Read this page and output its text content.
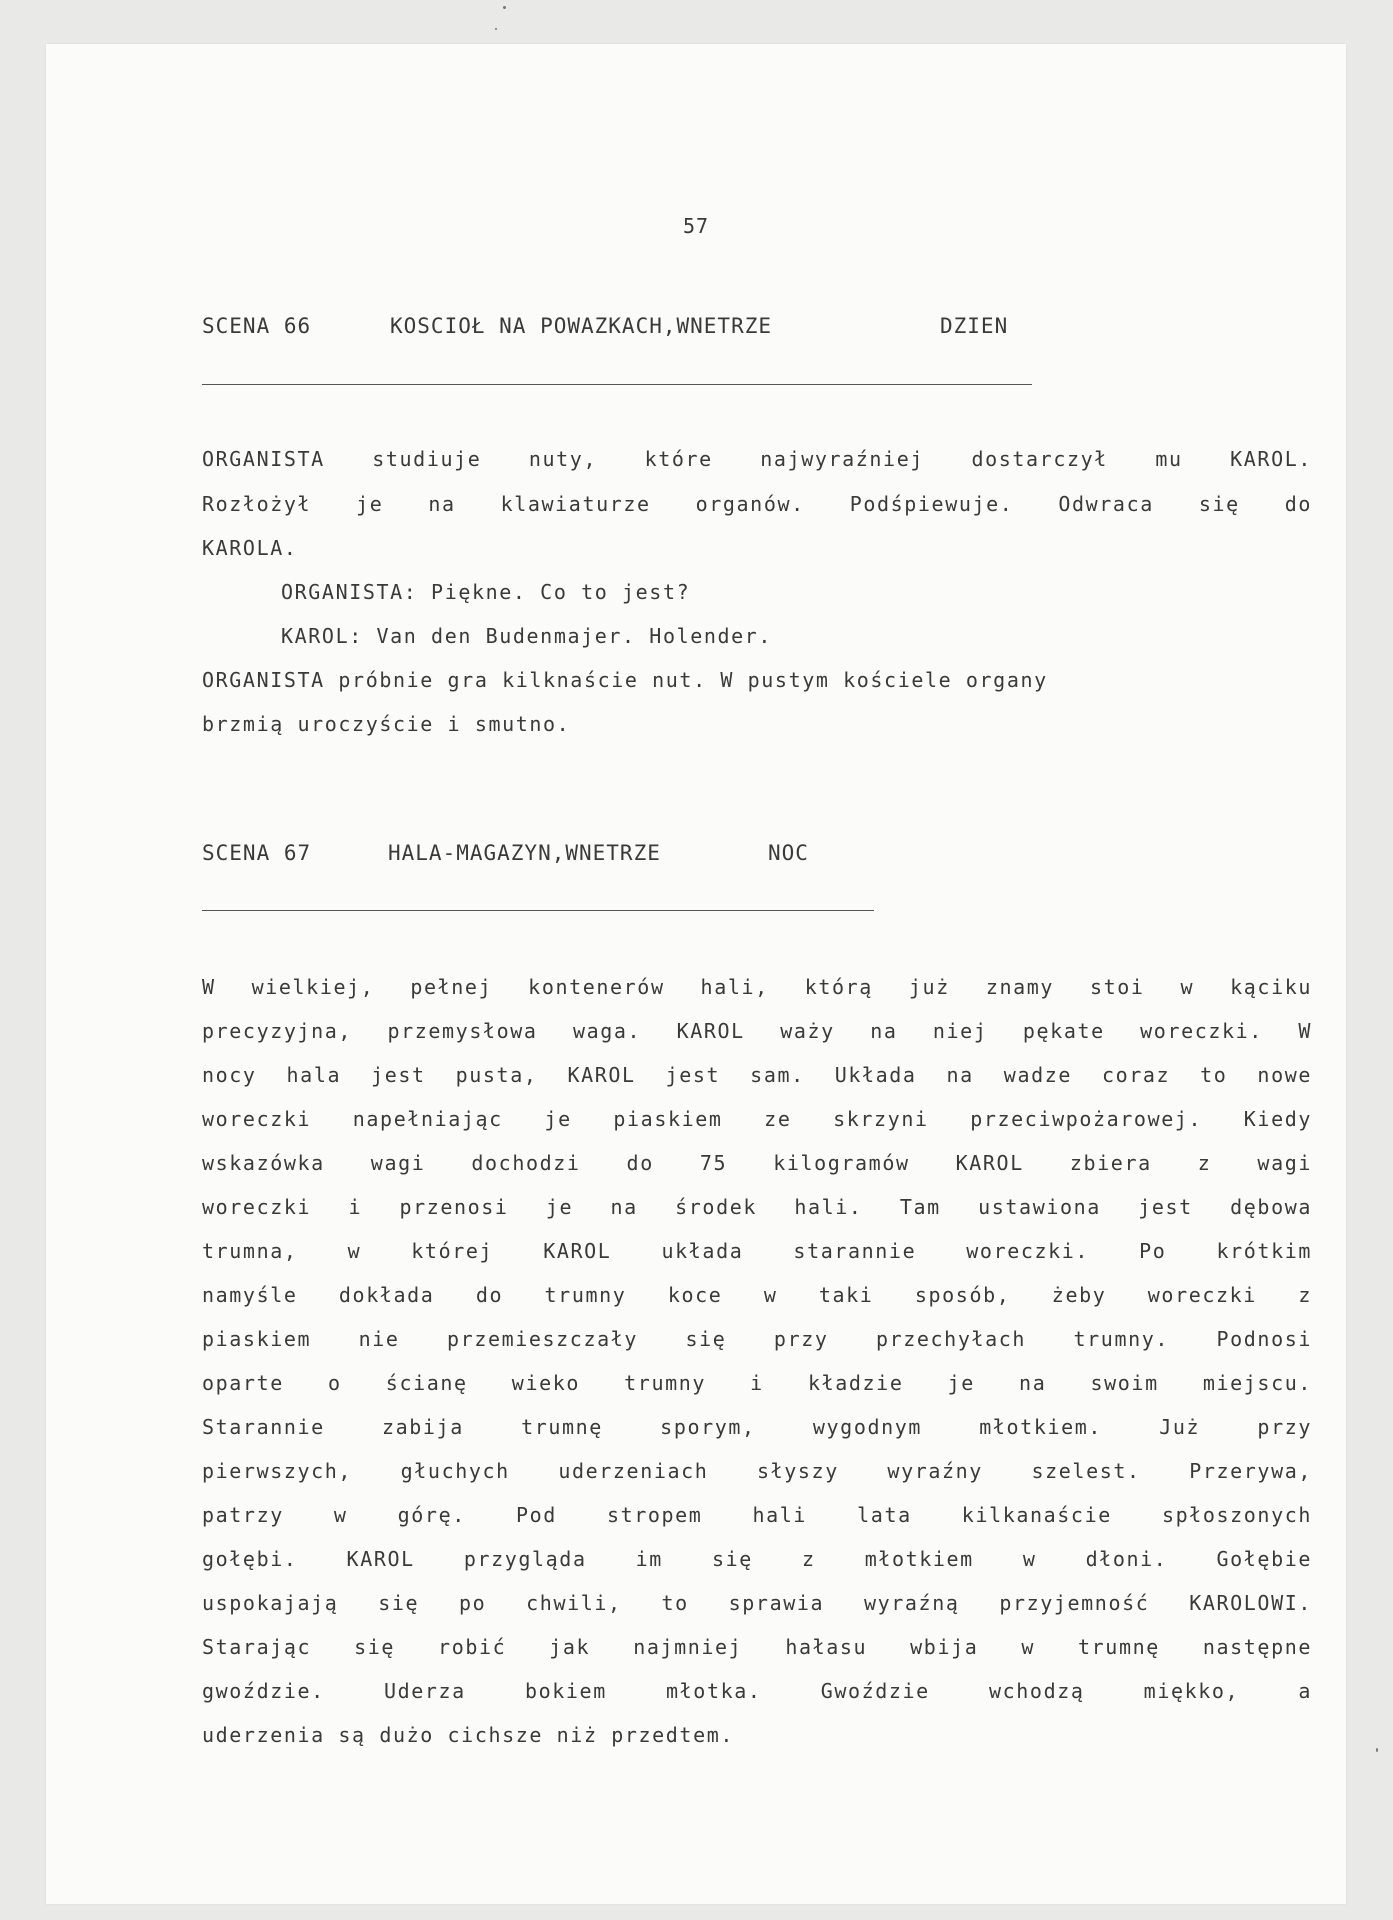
57

SCENA 66

	KOSCIOŁ NA POWAZKACH,WNETRZE

	DZIEN

ORGANISTA studiuje nuty, które najwyraźniej dostarczył mu KAROL.
Rozłożył je na klawiaturze organów. Podśpiewuje. Odwraca się do
KAROLA.
ORGANISTA: Piękne. Co to jest?
KAROL: Van den Budenmajer. Holender.
ORGANISTA próbnie gra kilknaście nut. W pustym kościele organy
brzmią uroczyście i smutno.

SCENA 67

	HALA-MAGAZYN,WNETRZE

	NOC

W wielkiej, pełnej kontenerów hali, którą już znamy stoi w kąciku
precyzyjna, przemysłowa waga. KAROL waży na niej pękate woreczki. W
nocy hala jest pusta, KAROL jest sam. Układa na wadze coraz to nowe
woreczki napełniając je piaskiem ze skrzyni przeciwpożarowej. Kiedy
wskazówka wagi dochodzi do 75 kilogramów KAROL zbiera z wagi
woreczki i przenosi je na środek hali. Tam ustawiona jest dębowa
trumna, w której KAROL układa starannie woreczki. Po krótkim
namyśle dokłada do trumny koce w taki sposób, żeby woreczki z
piaskiem nie przemieszczały się przy przechyłach trumny. Podnosi
oparte o ścianę wieko trumny i kładzie je na swoim miejscu.
Starannie zabija trumnę sporym, wygodnym młotkiem. Już przy
pierwszych, głuchych uderzeniach słyszy wyraźny szelest. Przerywa,
patrzy w górę. Pod stropem hali lata kilkanaście spłoszonych
gołębi. KAROL przygląda im się z młotkiem w dłoni. Gołębie
uspokajają się po chwili, to sprawia wyraźną przyjemność KAROLOWI.
Starając się robić jak najmniej hałasu wbija w trumnę następne
gwoździe. Uderza bokiem młotka. Gwoździe wchodzą miękko, a
uderzenia są dużo cichsze niż przedtem.
